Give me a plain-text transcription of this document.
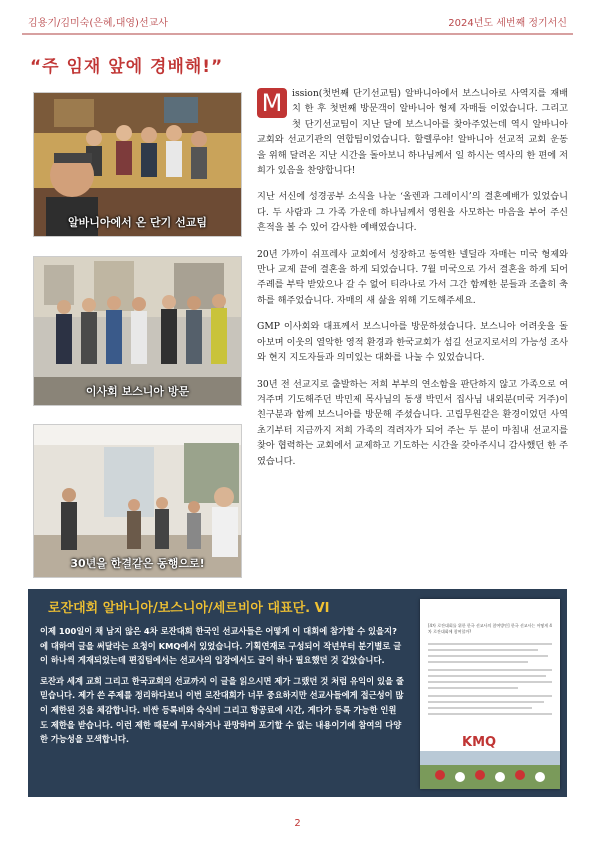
김용기/김미숙(은혜,대영)선교사	2024년도 세번째 정기서신
“주 임재 앞에 경배해!”
알바니아에서 온 단기 선교팀
이사회 보스니아 방문
30년을 한결같은 동행으로!

M	ission(첫번째 단기선교팀) 알바니아에서 보스니아로 사역지를 재배치 한 후 첫번째 방문객이 알바니아 형제 자매들 이었습니다. 그리고 첫 단기선교팀이 지난 달에 보스니아를 찾아주었는데 역시 알바니아 교회와 선교기관의 연합팀이었습니다. 할렐루야! 알바니아 선교적 교회 운동을 위해 달려온 지난 시간을 돌아보니 하나님께서 일 하시는 역사의 한 편에 저희가 있음을 찬양합니다!

지난 서신에 성경공부 소식을 나눈 ‘올렌과 그레이시’의 결혼예배가 있었습니다. 두 사람과 그 가족 가운데 하나님께서 영원을 사모하는 마음을 부어 주신 흔적을 볼 수 있어 감사한 예배였습니다.

20년 가까이 쉬프레사 교회에서 성장하고 동역한 넬딜라 자매는 미국 형제와 만나 교제 끝에 결혼을 하게 되었습니다. 7월 미국으로 가서 결혼을 하게 되어 주례를 부탁 받았으나 갈 수 없어 티라나로 가서 그간 함께한 분들과 조촐히 축하를 해주었습니다. 자매의 새 삶을 위해 기도해주세요.

GMP 이사회와 대표께서 보스니아를 방문하셨습니다. 보스니아 어려웃을 돌아보며 이웃의 열악한 영적 환경과 한국교회가 섬길 선교지로서의 가능성 조사와 현지 지도자들과 의미있는 대화를 나눌 수 있었습니다.

30년 전 선교지로 출발하는 저희 부부의 연소함을 판단하지 않고 가족으로 여겨주며 기도해주던 박민제 목사님의 동생 박민서 집사님 내외분(미국 거주)이 친구분과 함께 보스니아를 방문해 주셨습니다. 고립무원같은 환경이었던 사역 초기부터 지금까지 저희 가족의 격려자가 되어 주는 두 분이 마침내 선교지를 찾아 협력하는 교회에서 교제하고 기도하는 시간을 갖아주시니 감사했던 한 주였습니다.

로잔대회 알바니아/보스니아/세르비아 대표단. VI

이제 100일이 채 남지 않은 4차 로잔대회 한국인 선교사들은 어떻게 이 대회에 참가할 수 있을지? 에 대하여 글을 써달라는 요청이 KMQ에서 있었습니다. 기획연재로 구성되어 작년부터 분기별로 글이 하나씩 게재되었는데 편집팀에서는 선교사의 입장에서도 글이 하나 필요했던 것 같았습니다.

로잔과 세계 교회 그리고 한국교회의 선교까지 이 글을 읽으시면 제가 그랬던 것 처럼 유익이 있을 줄 믿습니다. 제가 쓴 주제를 정리하다보니 이번 로잔대회가 너무 중요하지만 선교사들에게 접근성이 많이 제한된 것을 체감합니다. 비싼 등록비와 숙식비 그리고 항공료에 시간, 게다가 등록 가능한 인원도 제한을 받습니다. 이런 제한 때문에 무시하거나 관망하며 포기할 수 없는 내용이기에 참여의 다양한 가능성을 모색합니다.

[4차 로잔대회를 위한 한국 선교사의 참여방안] 한국 선교사는 어떻게 4차 로잔대회에 참여할까?
KMQ
2
